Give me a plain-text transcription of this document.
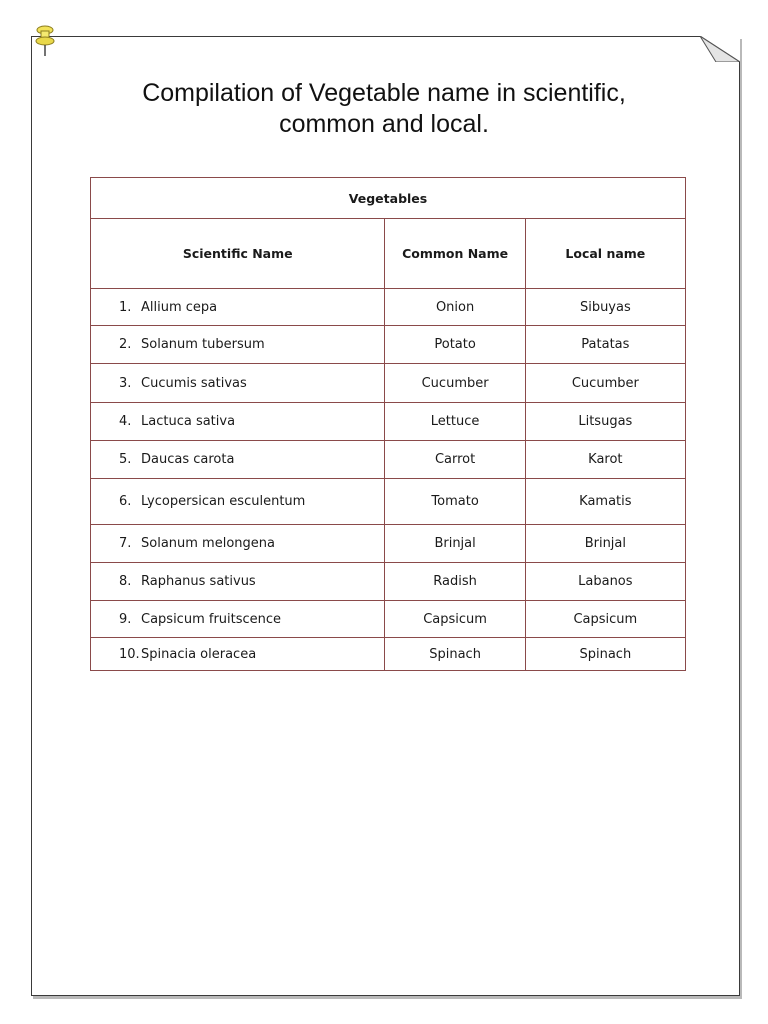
Compilation of Vegetable name in scientific,
common and local.
Vegetables		
Scientific Name	Common Name	Local name
1. Allium cepa	Onion	Sibuyas
2. Solanum tubersum	Potato	Patatas
3. Cucumis sativas	Cucumber	Cucumber
4. Lactuca sativa	Lettuce	Litsugas
5. Daucas carota	Carrot	Karot
6. Lycopersican esculentum	Tomato	Kamatis
7. Solanum melongena	Brinjal	Brinjal
8. Raphanus sativus	Radish	Labanos
9. Capsicum fruitscence	Capsicum	Capsicum
10.Spinacia oleracea	Spinach	Spinach
